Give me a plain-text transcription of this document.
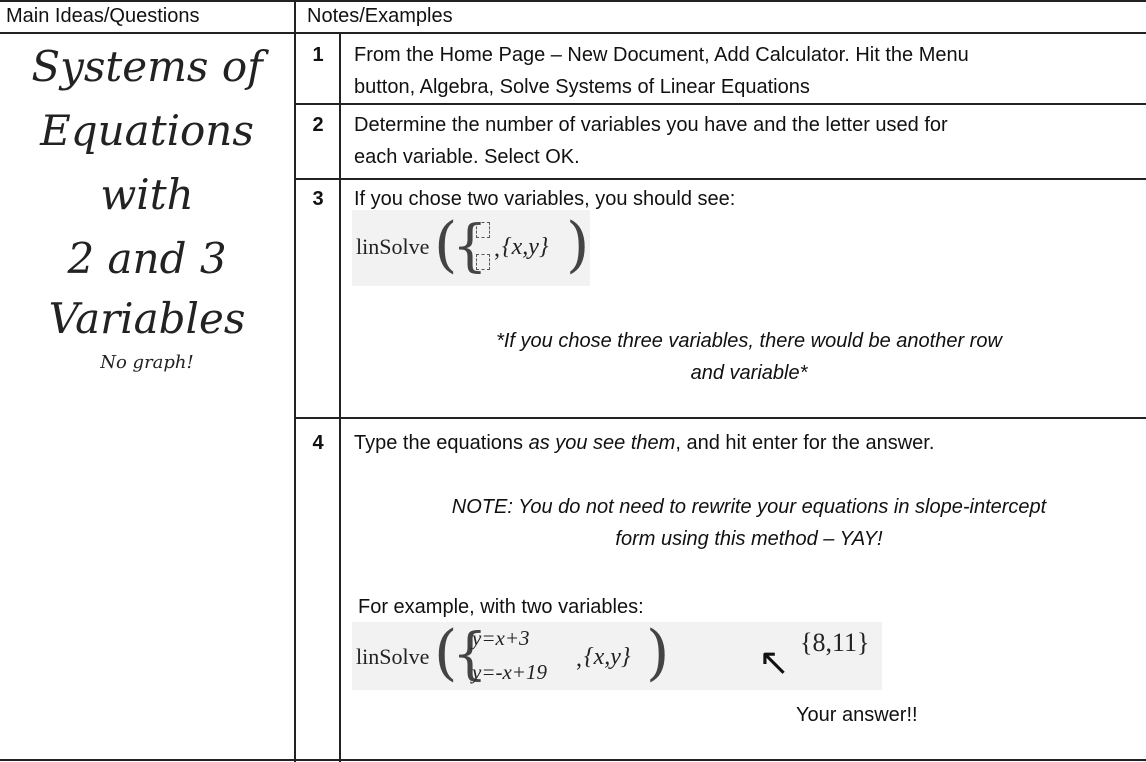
Main Ideas/Questions	Notes/Examples
Systems of
Equations
with
2 and 3
Variables
No graph!
1	From the Home Page – New Document, Add Calculator. Hit the Menu
button, Algebra, Solve Systems of Linear Equations
2	Determine the number of variables you have and the letter used for
each variable. Select OK.
3	If you chose two variables, you should see:
linSolve (
{ , {x,y} )
*If you chose three variables, there would be another row
and variable*
4	Type the equations as you see them, and hit enter for the answer.
NOTE: You do not need to rewrite your equations in slope-intercept
form using this method – YAY!
For example, with two variables:
linSolve (
{
y=x+3
y=-x+19 , {x,y} )	{8,11}
↖
Your answer!!
